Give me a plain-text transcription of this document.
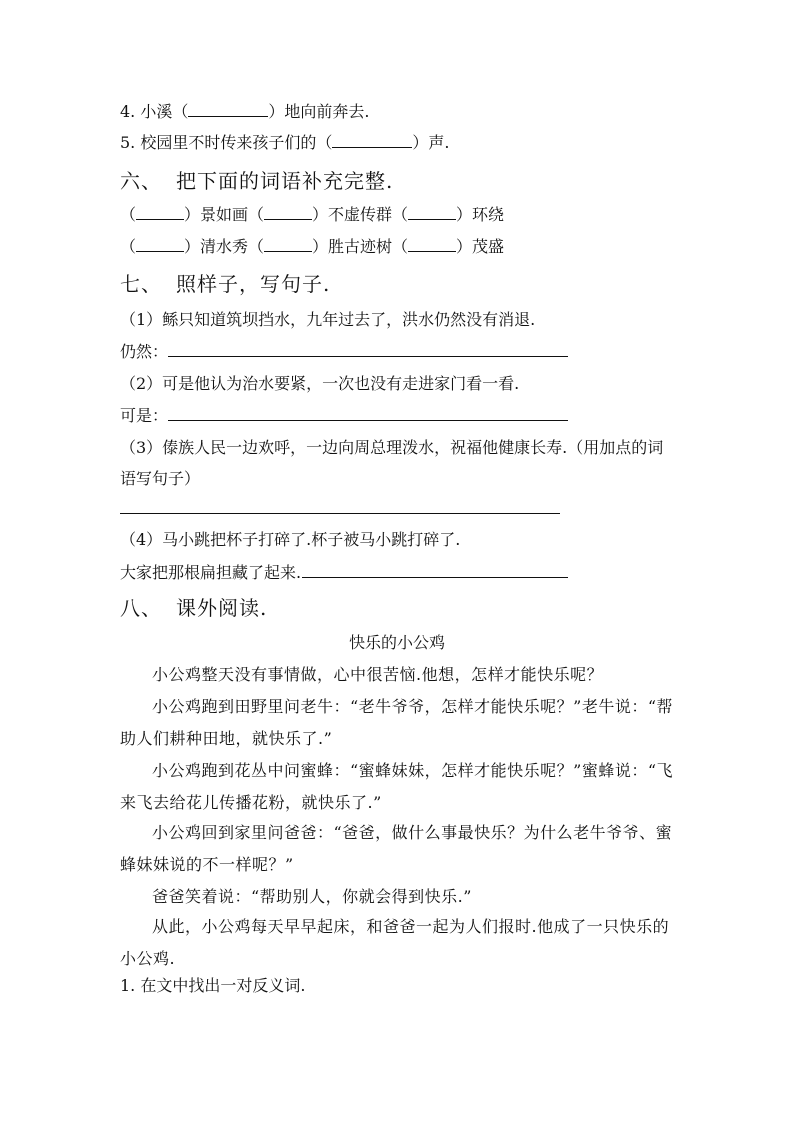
4. 小溪（	）地向前奔去.
5. 校园里不时传来孩子们的（	）声.
六、 把下面的词语补充完整.
（	）景如画（	）不虚传群（	）环绕
（	）清水秀（	）胜古迹树（	）茂盛
七、 照样子，写句子.
（1）鲧只知道筑坝挡水，九年过去了，洪水仍然没有消退.
仍然：
（2）可是他认为治水要紧，一次也没有走进家门看一看.
可是：
（3）傣族人民一边欢呼，一边向周总理泼水，祝福他健康长寿.（用加点的词
语写句子）
（4）马小跳把杯子打碎了.杯子被马小跳打碎了.
大家把那根扁担藏了起来.
八、 课外阅读.
快乐的小公鸡
小公鸡整天没有事情做，心中很苦恼.他想，怎样才能快乐呢？
小公鸡跑到田野里问老牛：“老牛爷爷，怎样才能快乐呢？”老牛说：“帮助人们耕种田地，就快乐了.”
小公鸡跑到花丛中问蜜蜂：“蜜蜂妹妹，怎样才能快乐呢？”蜜蜂说：“飞来飞去给花儿传播花粉，就快乐了.”
小公鸡回到家里问爸爸：“爸爸，做什么事最快乐？为什么老牛爷爷、蜜蜂妹妹说的不一样呢？”
爸爸笑着说：“帮助别人，你就会得到快乐.”
从此，小公鸡每天早早起床，和爸爸一起为人们报时.他成了一只快乐的小公鸡.
1. 在文中找出一对反义词.
